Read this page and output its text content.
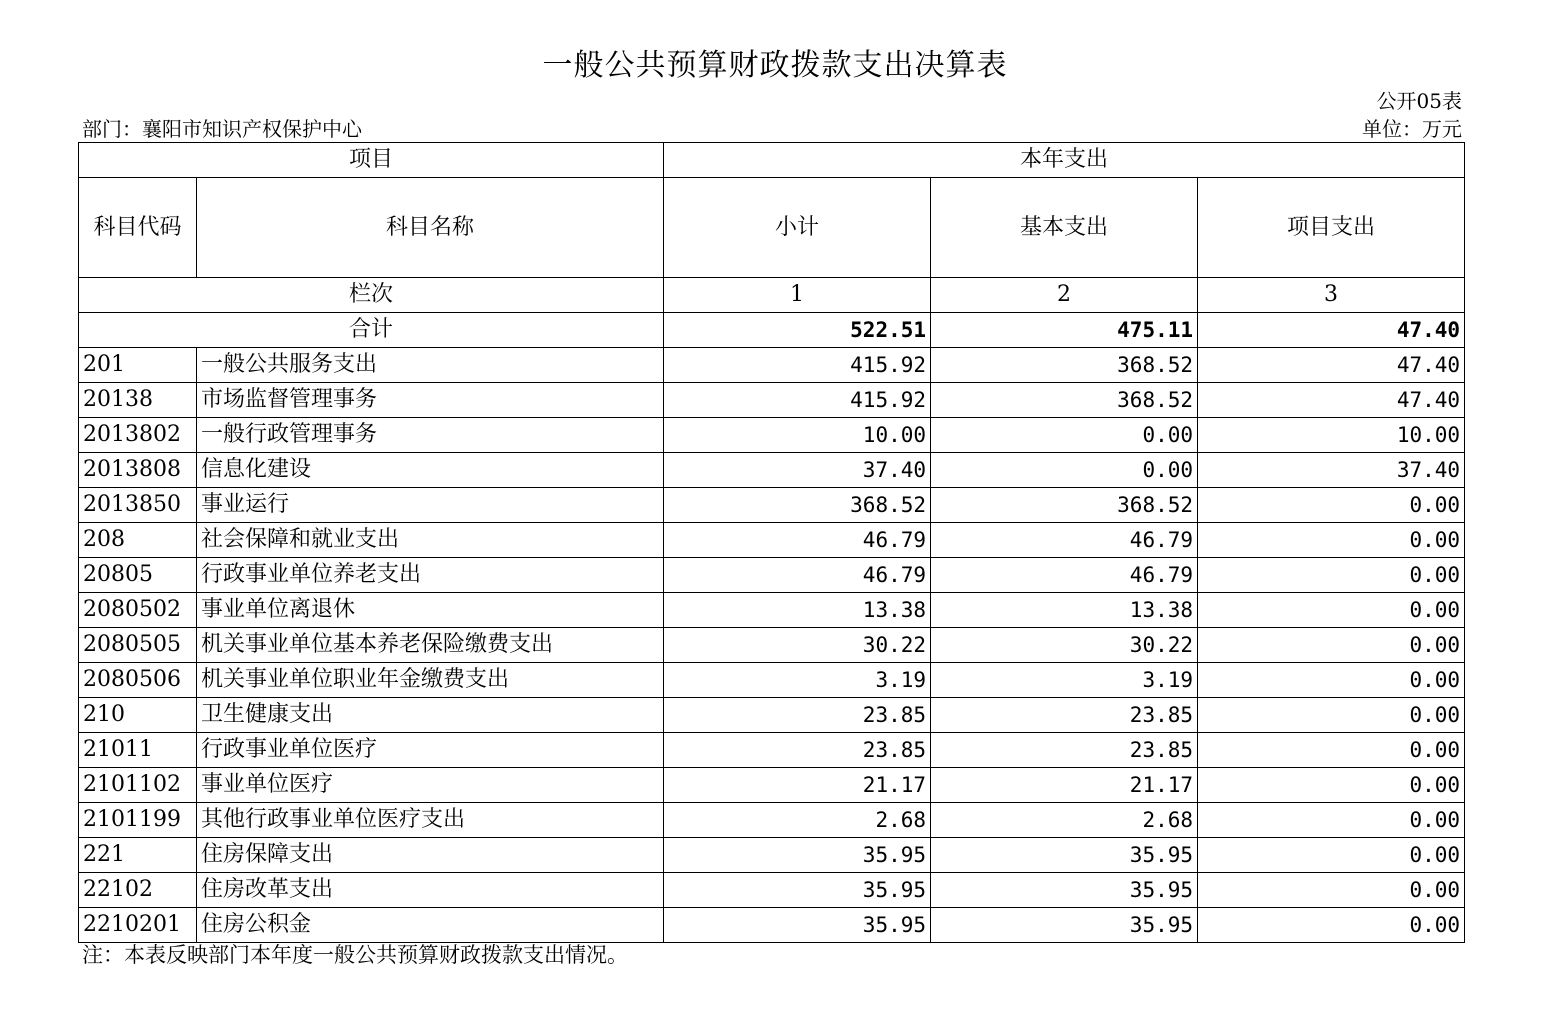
一般公共预算财政拨款支出决算表
公开05表
部门：襄阳市知识产权保护中心	单位：万元
项目		本年支出		
科目代码	科目名称	小计	基本支出	项目支出
栏次		1	2	3
合计		522.51	475.11	47.40
201	一般公共服务支出	415.92	368.52	47.40
20138	市场监督管理事务	415.92	368.52	47.40
2013802	一般行政管理事务	10.00	0.00	10.00
2013808	信息化建设	37.40	0.00	37.40
2013850	事业运行	368.52	368.52	0.00
208	社会保障和就业支出	46.79	46.79	0.00
20805	行政事业单位养老支出	46.79	46.79	0.00
2080502	事业单位离退休	13.38	13.38	0.00
2080505	机关事业单位基本养老保险缴费支出	30.22	30.22	0.00
2080506	机关事业单位职业年金缴费支出	3.19	3.19	0.00
210	卫生健康支出	23.85	23.85	0.00
21011	行政事业单位医疗	23.85	23.85	0.00
2101102	事业单位医疗	21.17	21.17	0.00
2101199	其他行政事业单位医疗支出	2.68	2.68	0.00
221	住房保障支出	35.95	35.95	0.00
22102	住房改革支出	35.95	35.95	0.00
2210201	住房公积金	35.95	35.95	0.00
注：本表反映部门本年度一般公共预算财政拨款支出情况。
